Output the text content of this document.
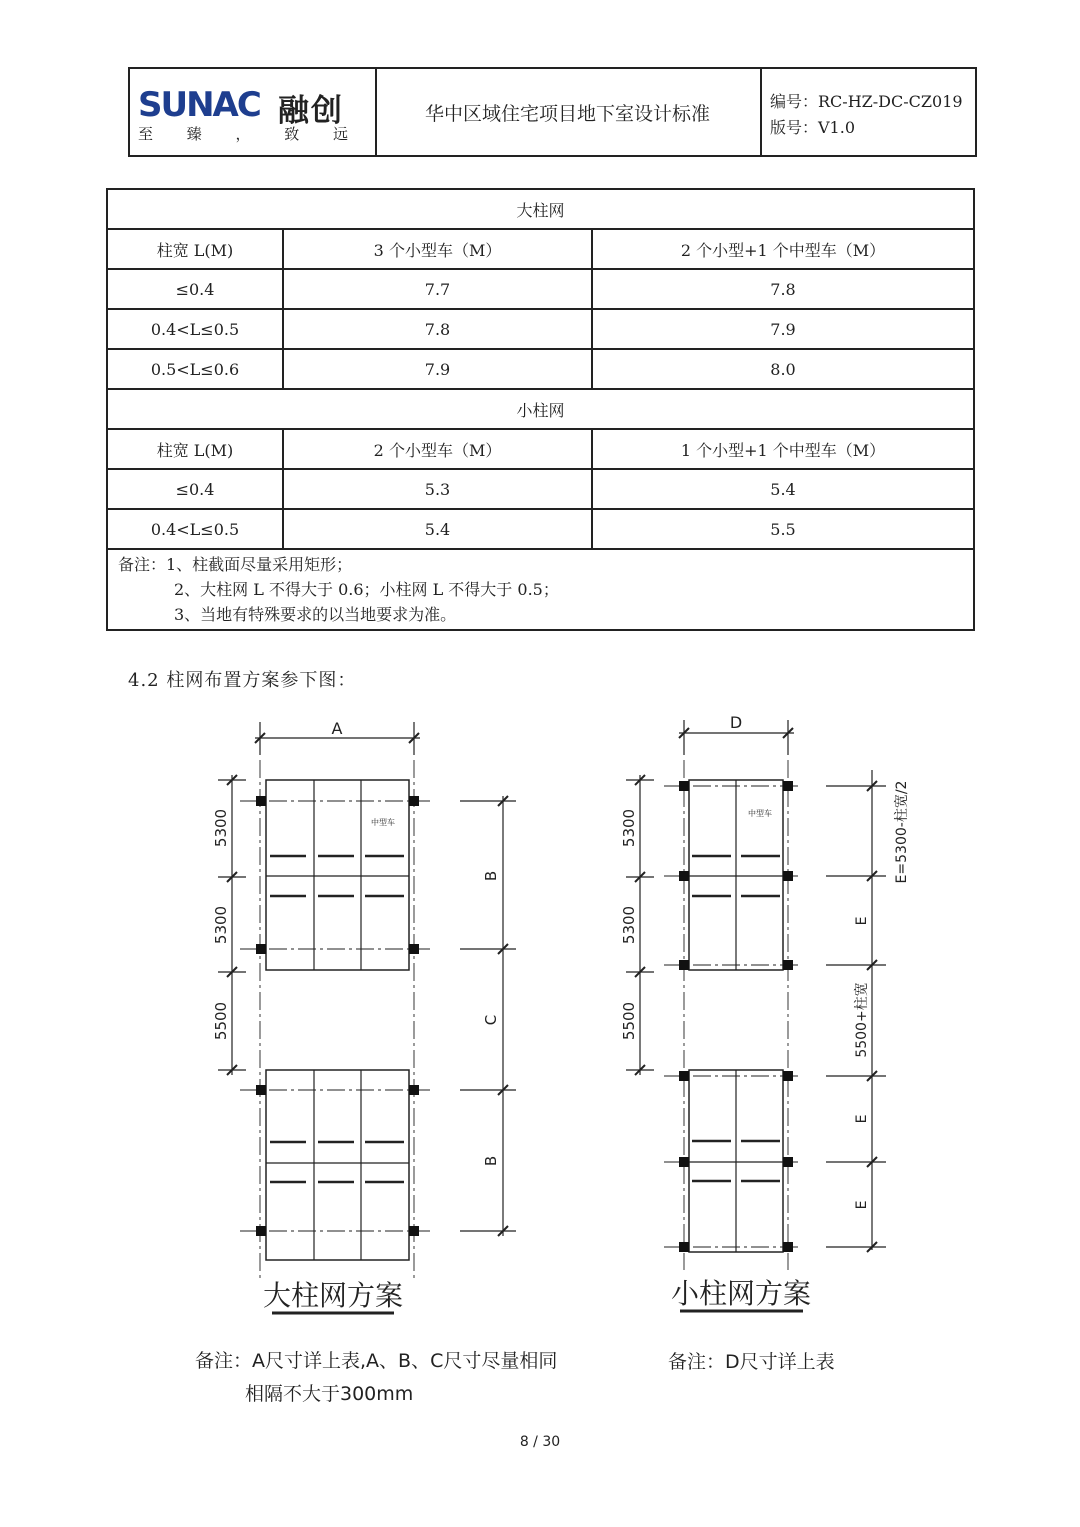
SUNAC 融创
至 臻 ， 致 远
华中区域住宅项目地下室设计标准
编号：RC-HZ-DC-CZ019
版号：V1.0
大柱网		
柱宽 L(M)	3 个小型车（M）	2 个小型+1 个中型车（M）
≤0.4	7.7	7.8
0.4<L≤0.5	7.8	7.9
0.5<L≤0.6	7.9	8.0
小柱网		
柱宽 L(M)	2 个小型车（M）	1 个小型+1 个中型车（M）
≤0.4	5.3	5.4
0.4<L≤0.5	5.4	5.5

备注：1、柱截面尽量采用矩形；
2、大柱网 L 不得大于 0.6；小柱网 L 不得大于 0.5；
3、当地有特殊要求的以当地要求为准。		
4.2 柱网布置方案参下图：
A
中型车
5300
5300
5500
B
C
B
大柱网方案
备注：A尺寸详上表,A、B、C尺寸尽量相同
相隔不大于300mm
D
中型车
5300
5300
5500
E=5300-柱宽/2
E
5500+柱宽
E
E
小柱网方案
备注：D尺寸详上表
8 / 30
